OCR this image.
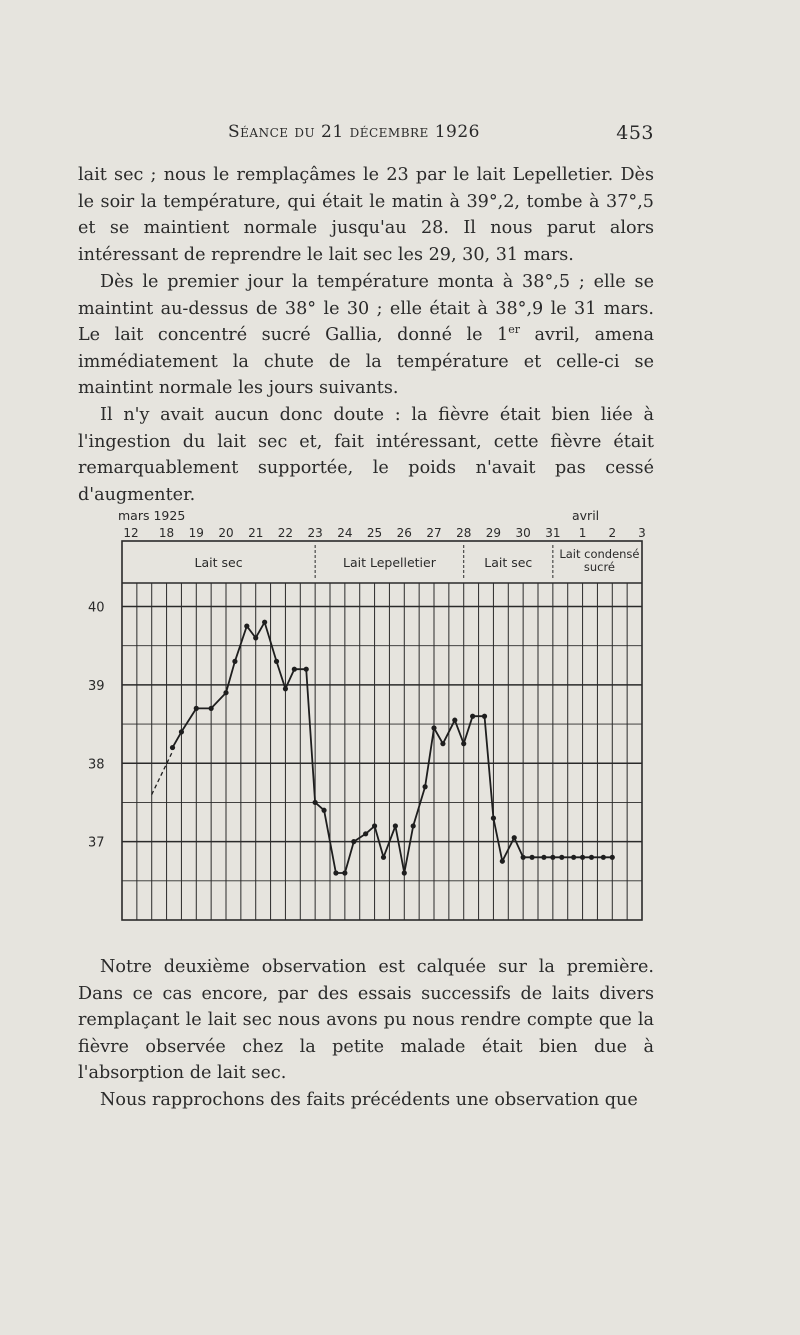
Séance du 21 décembre 1926	453

lait sec ; nous le remplaçâmes le 23 par le lait Lepelletier. Dès le soir la température, qui était le matin à 39°,2, tombe à 37°,5 et se maintient normale jusqu'au 28. Il nous parut alors intéressant de reprendre le lait sec les 29, 30, 31 mars.

Dès le premier jour la température monta à 38°,5 ; elle se maintint au-dessus de 38° le 30 ; elle était à 38°,9 le 31 mars. Le lait concentré sucré Gallia, donné le 1er avril, amena immédiatement la chute de la température et celle-ci se maintint normale les jours suivants.

Il n'y avait aucun donc doute : la fièvre était bien liée à l'ingestion du lait sec et, fait intéressant, cette fièvre était remarquablement supportée, le poids n'avait pas cessé d'augmenter.

mars 1925	avril
12 18 19 20 21 22 23 24 25 26 27 28 29 30 31 1 2 3
40
39
38
37
Lait sec	Lait Lepelletier	Lait sec
Lait condensé
sucré

Notre deuxième observation est calquée sur la première. Dans ce cas encore, par des essais successifs de laits divers remplaçant le lait sec nous avons pu nous rendre compte que la fièvre observée chez la petite malade était bien due à l'absorption de lait sec.

Nous rapprochons des faits précédents une observation que
